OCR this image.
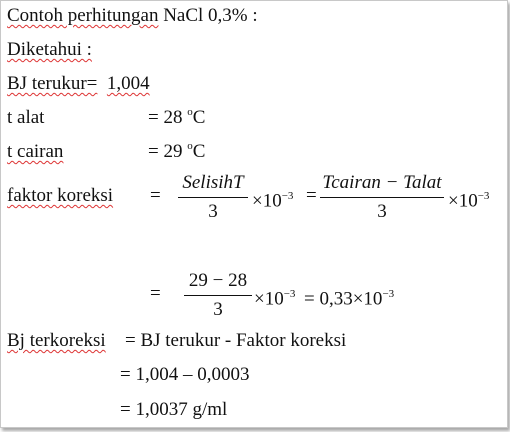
Contoh perhitungan NaCl 0,3% :
Diketahui :
BJ terukur= 1,004
t alat	= 28 $^o$C
t cairan	= 29 $^o$C
faktor koreksi =
SelisihT
3
$\times 10^{-3}$ =
Tcairan − Talat
3
$\times 10^{-3}$
=
29 − 28
3
$\times 10^{-3} = 0,33\times 10^{-3}$
Bj terkoreksi = BJ terukur - Faktor koreksi
= 1,004 – 0,0003
= 1,0037 g/ml
